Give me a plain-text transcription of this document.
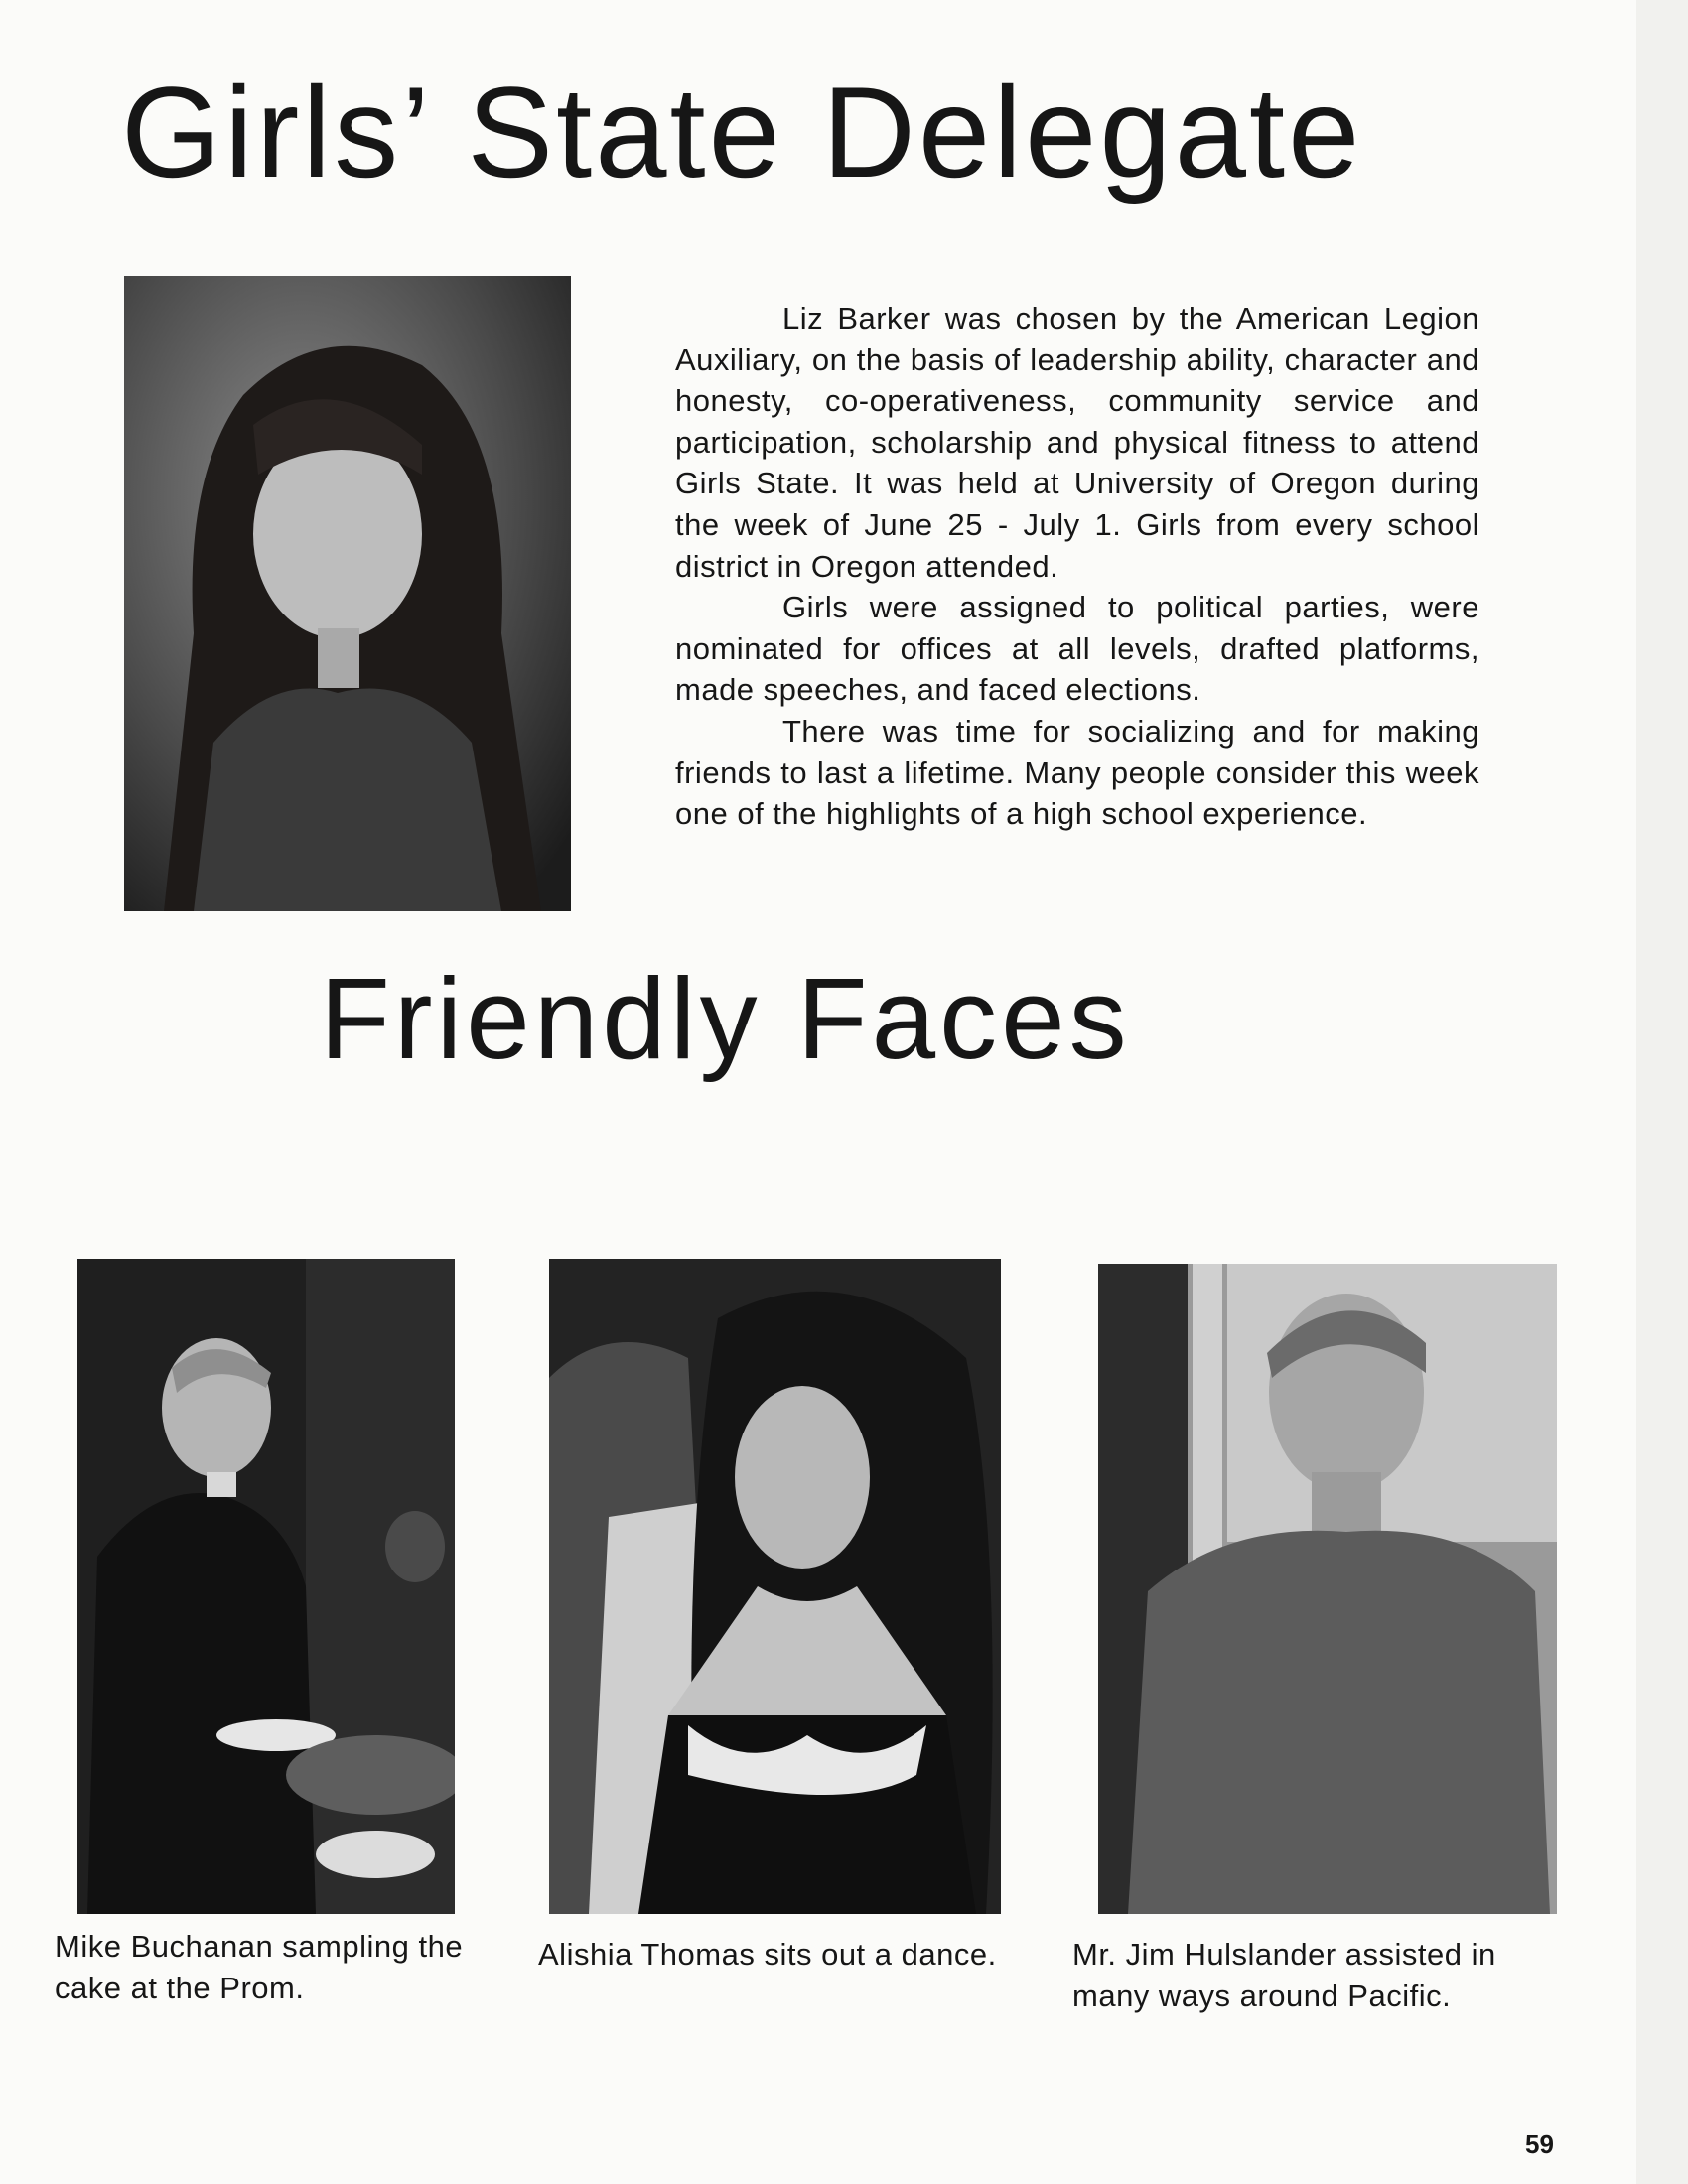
Girls’ State Delegate

Liz Barker was chosen by the American Legion Auxiliary, on the basis of leadership ability, character and honesty, co-operativeness, community service and participation, scholarship and physical fitness to attend Girls State. It was held at University of Oregon during the week of June 25 - July 1. Girls from every school district in Oregon attended.

Girls were assigned to political parties, were nominated for offices at all levels, drafted platforms, made speeches, and faced elections.

There was time for socializing and for making friends to last a lifetime. Many people consider this week one of the highlights of a high school experience.

Friendly Faces
Mike Buchanan sampling the cake at the Prom.
Alishia Thomas sits out a dance.	Mr. Jim Hulslander assisted in many ways around Pacific.
59
